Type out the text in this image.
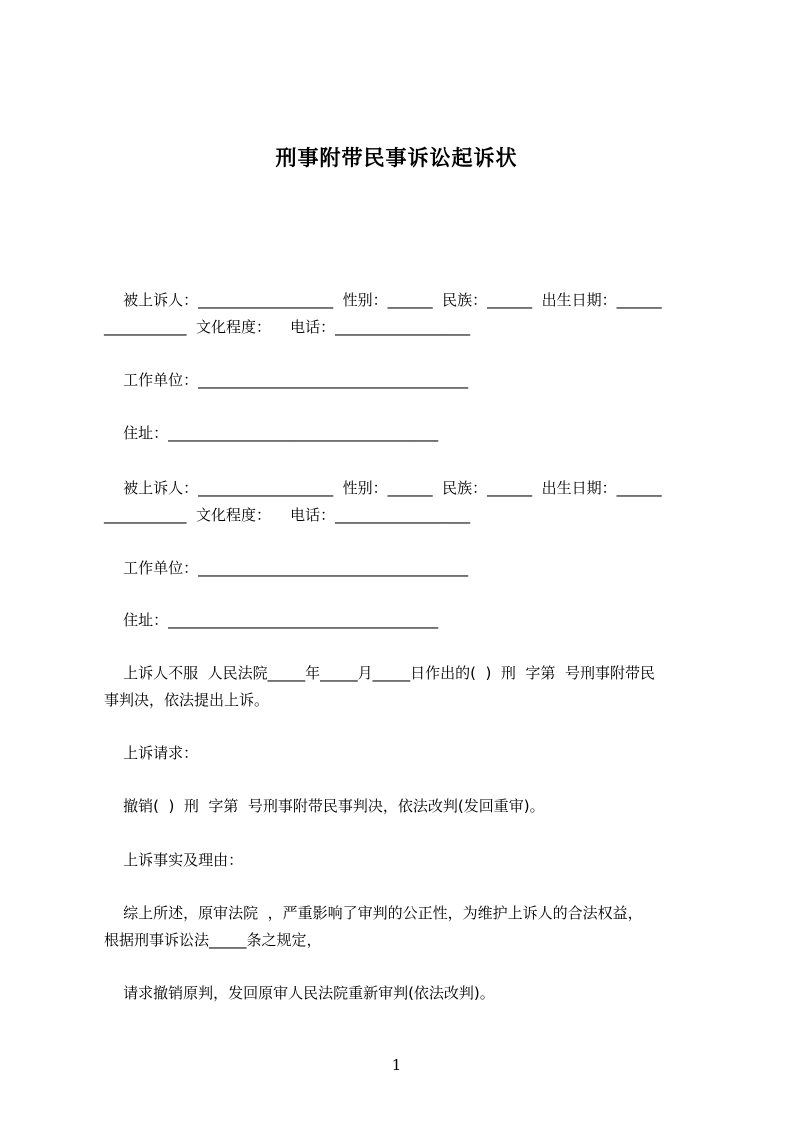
刑事附带民事诉讼起诉状
被上诉人：__________________  性别：______  民族：______  出生日期：______
___________  文化程度：    电话：__________________
工作单位：____________________________________
住址：____________________________________
被上诉人：__________________  性别：______  民族：______  出生日期：______
___________  文化程度：    电话：__________________
工作单位：____________________________________
住址：____________________________________
上诉人不服  人民法院_____年_____月_____日作出的(  )  刑  字第  号刑事附带民
事判决，依法提出上诉。
上诉请求：
撤销(  )  刑  字第  号刑事附带民事判决，依法改判(发回重审)。
上诉事实及理由：
综上所述，原审法院  ，严重影响了审判的公正性，为维护上诉人的合法权益，
根据刑事诉讼法_____条之规定，
请求撤销原判，发回原审人民法院重新审判(依法改判)。
1
